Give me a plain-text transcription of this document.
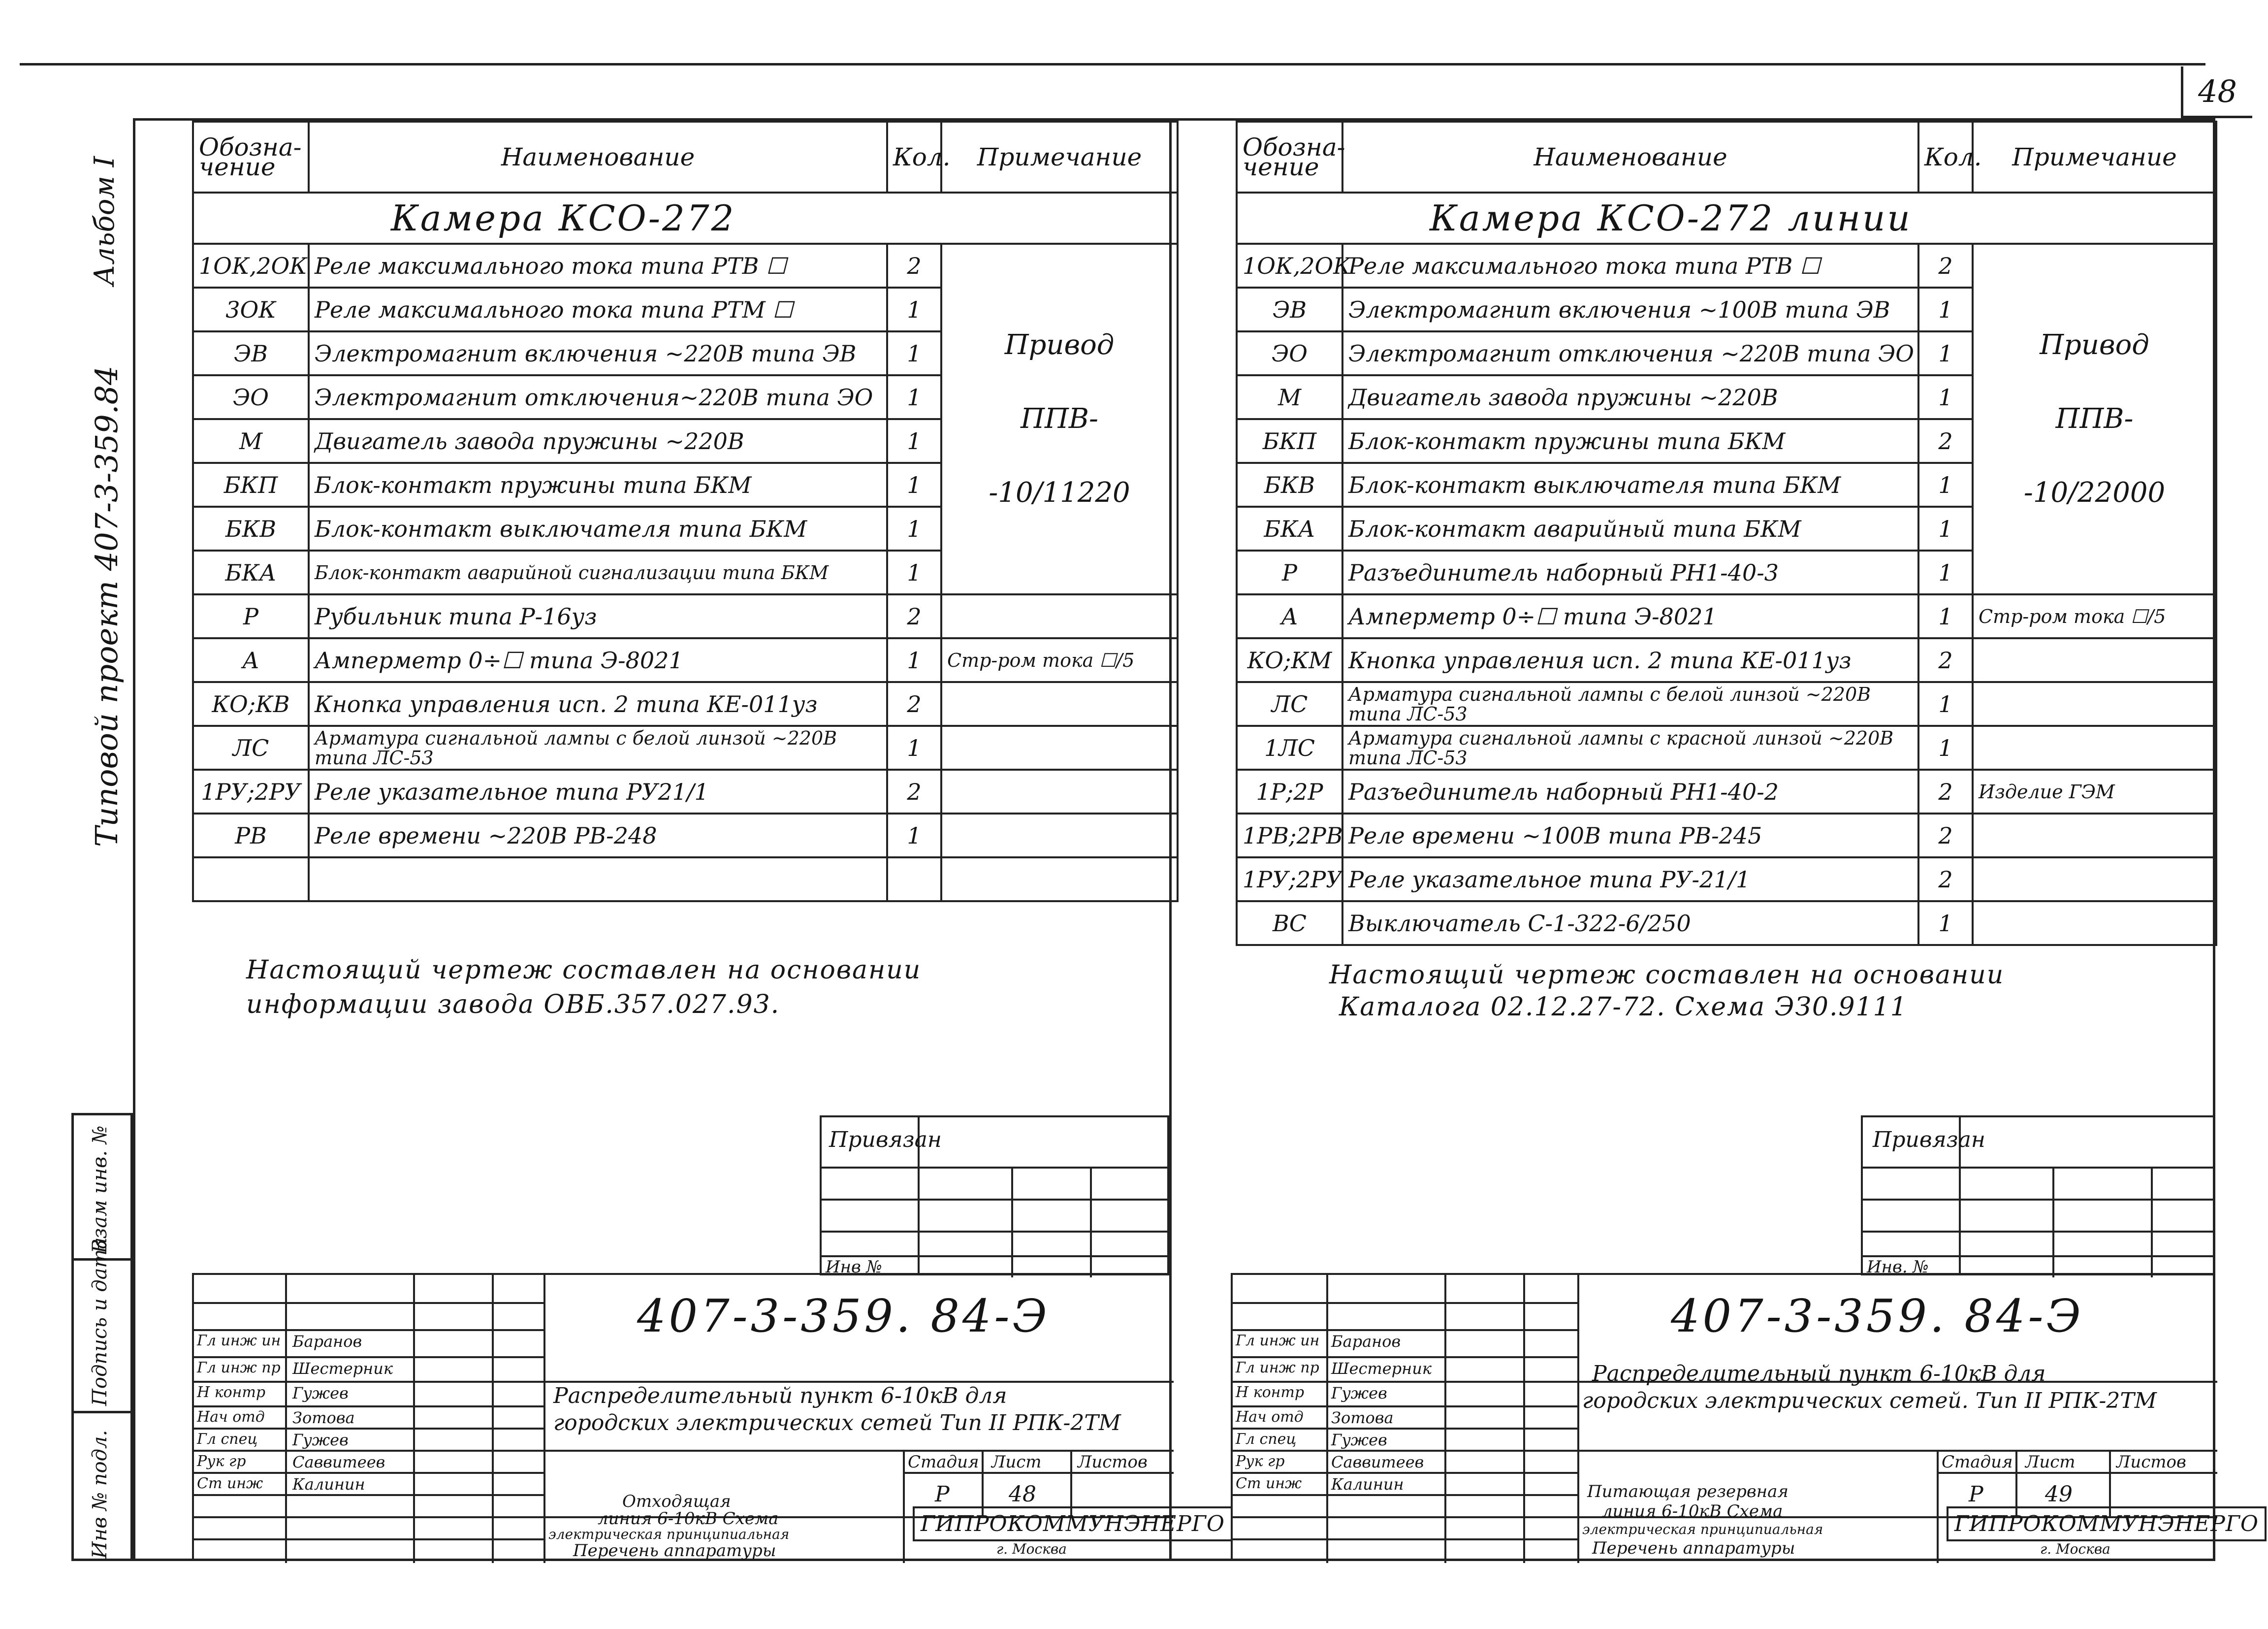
48
Альбом I
Типовой проект 407-3-359.84
Взам инв. №
Подпись и дата
Инв № подл.
Обозна-чение	Наименование	Кол.	Примечание
Камера КСО-272			
1ОК,2ОК	Реле максимального тока типа РТВ ☐	2	Привод
ППВ-
-10/11220

3ОК	Реле максимального тока типа РТМ ☐	1	
ЭВ	Электромагнит включения ~220В типа ЭВ	1	
ЭО	Электромагнит отключения~220В типа ЭО	1	
М	Двигатель завода пружины ~220В	1	
БКП	Блок-контакт пружины типа БКМ	1	
БКВ	Блок-контакт выключателя типа БКМ	1	
БКА	Блок-контакт аварийной сигнализации типа БКМ	1	
Р	Рубильник типа Р-16уз	2	
А	Амперметр 0÷☐ типа Э-8021	1	Стр-ром тока ☐/5
КО;КВ	Кнопка управления исп. 2 типа КЕ-011уз	2	
ЛС	Арматура сигнальной лампы с белой линзой ~220В типа ЛС-53	1	
1РУ;2РУ	Реле указательное типа РУ21/1	2	
РВ	Реле времени ~220В РВ-248	1	

Обозна-чение	Наименование	Кол.	Примечание	
Камера КСО-272 линии				
1ОК,2ОК	Реле максимального тока типа РТВ ☐	2	Привод
ППВ-
-10/22000	

ЭВ	Электромагнит включения ~100В типа ЭВ	1		
ЭО	Электромагнит отключения ~220В типа ЭО	1		
М	Двигатель завода пружины ~220В	1		
БКП	Блок-контакт пружины типа БКМ	2		
БКВ	Блок-контакт выключателя типа БКМ	1		
БКА	Блок-контакт аварийный типа БКМ	1		
Р	Разъединитель наборный РН1-40-3	1	
А	Амперметр 0÷☐ типа Э-8021	1	Стр-ром тока ☐/5	
КО;КМ	Кнопка управления исп. 2 типа КЕ-011уз	2		
ЛС	Арматура сигнальной лампы с белой линзой ~220В типа ЛС-53	1		
1ЛС	Арматура сигнальной лампы с красной линзой ~220В типа ЛС-53	1		
1Р;2Р	Разъединитель наборный РН1-40-2	2	Изделие ГЭМ	
1РВ;2РВ	Реле времени ~100В типа РВ-245	2		
1РУ;2РУ	Реле указательное типа РУ-21/1	2		
ВС	Выключатель С-1-322-6/250	1		
Настоящий чертеж составлен на основании
информации завода ОВБ.357.027.93.
Настоящий чертеж составлен на основании
Каталога 02.12.27-72. Схема ЭЗ0.9111
Привязан
Инв №
Привязан
Инв. №
407-3-359. 84-Э
Распределительный пункт 6-10кВ для
городских электрических сетей Тип II РПК-2ТМ
Стадия Лист Листов
Р	48
Отходящая
линия 6-10кВ Схема
электрическая принципиальная
Перечень аппаратуры
ГИПРОКОММУНЭНЕРГО
г. Москва
Гл инж ин Баранов
Гл инж пр Шестерник
Н контр Гужев
Нач отд Зотова
Гл спец Гужев
Рук гр	Саввитеев
Ст инж Калинин
407-3-359. 84-Э
Распределительный пункт 6-10кВ для
городских электрических сетей. Тип II РПК-2ТМ
Стадия Лист Листов
Р	49
Питающая резервная
линия 6-10кВ Схема
электрическая принципиальная
Перечень аппаратуры
ГИПРОКОММУНЭНЕРГО
г. Москва
Гл инж ин Баранов
Гл инж пр Шестерник
Н контр Гужев
Нач отд Зотова
Гл спец Гужев
Рук гр	Саввитеев
Ст инж Калинин
